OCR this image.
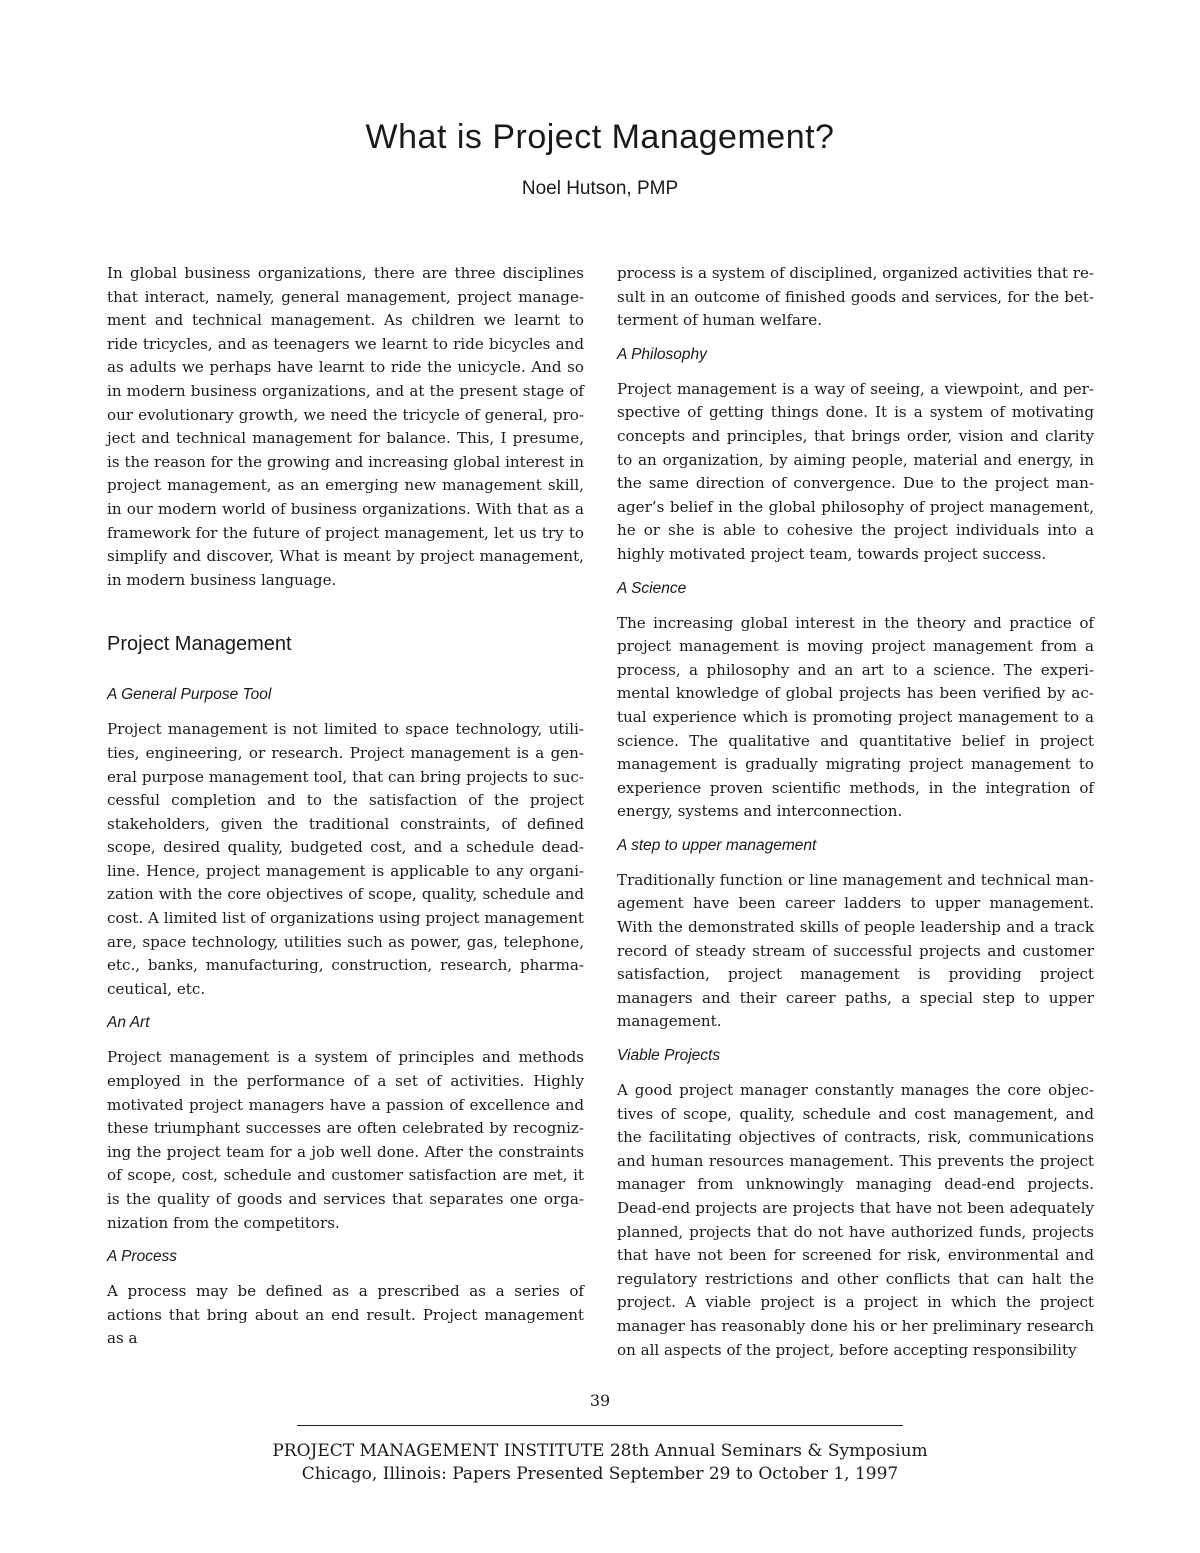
What is Project Management?
Noel Hutson, PMP

In global business organizations, there are three disciplines that interact, namely, general management, project management and technical management. As children we learnt to ride tricycles, and as teenagers we learnt to ride bicycles and as adults we perhaps have learnt to ride the unicycle. And so in modern business organizations, and at the present stage of our evolutionary growth, we need the tricycle of general, project and technical management for balance. This, I presume, is the reason for the growing and increasing global interest in project management, as an emerging new management skill, in our modern world of business organizations. With that as a framework for the future of project management, let us try to simplify and discover, What is meant by project management, in modern business language.

Project Management
A General Purpose Tool

Project management is not limited to space technology, utilities, engineering, or research. Project management is a general purpose management tool, that can bring projects to successful completion and to the satisfaction of the project stakeholders, given the traditional constraints, of defined scope, desired quality, budgeted cost, and a schedule deadline. Hence, project management is applicable to any organization with the core objectives of scope, quality, schedule and cost. A limited list of organizations using project management are, space technology, utilities such as power, gas, telephone, etc., banks, manufacturing, construction, research, pharmaceutical, etc.

An Art

Project management is a system of principles and methods employed in the performance of a set of activities. Highly motivated project managers have a passion of excellence and these triumphant successes are often celebrated by recognizing the project team for a job well done. After the constraints of scope, cost, schedule and customer satisfaction are met, it is the quality of goods and services that separates one organization from the competitors.

A Process

A process may be defined as a prescribed as a series of actions that bring about an end result. Project management as a

process is a system of disciplined, organized activities that result in an outcome of finished goods and services, for the betterment of human welfare.

A Philosophy

Project management is a way of seeing, a viewpoint, and perspective of getting things done. It is a system of motivating concepts and principles, that brings order, vision and clarity to an organization, by aiming people, material and energy, in the same direction of convergence. Due to the project manager’s belief in the global philosophy of project management, he or she is able to cohesive the project individuals into a highly motivated project team, towards project success.

A Science

The increasing global interest in the theory and practice of project management is moving project management from a process, a philosophy and an art to a science. The experimental knowledge of global projects has been verified by actual experience which is promoting project management to a science. The qualitative and quantitative belief in project management is gradually migrating project management to experience proven scientific methods, in the integration of energy, systems and interconnection.

A step to upper management

Traditionally function or line management and technical management have been career ladders to upper management. With the demonstrated skills of people leadership and a track record of steady stream of successful projects and customer satisfaction, project management is providing project managers and their career paths, a special step to upper management.

Viable Projects

A good project manager constantly manages the core objectives of scope, quality, schedule and cost management, and the facilitating objectives of contracts, risk, communications and human resources management. This prevents the project manager from unknowingly managing dead-end projects. Dead-end projects are projects that have not been adequately planned, projects that do not have authorized funds, projects that have not been for screened for risk, environmental and regulatory restrictions and other conflicts that can halt the project. A viable project is a project in which the project manager has reasonably done his or her preliminary research on all aspects of the project, before accepting responsibility

39
PROJECT MANAGEMENT INSTITUTE 28th Annual Seminars & Symposium
Chicago, Illinois: Papers Presented September 29 to October 1, 1997
